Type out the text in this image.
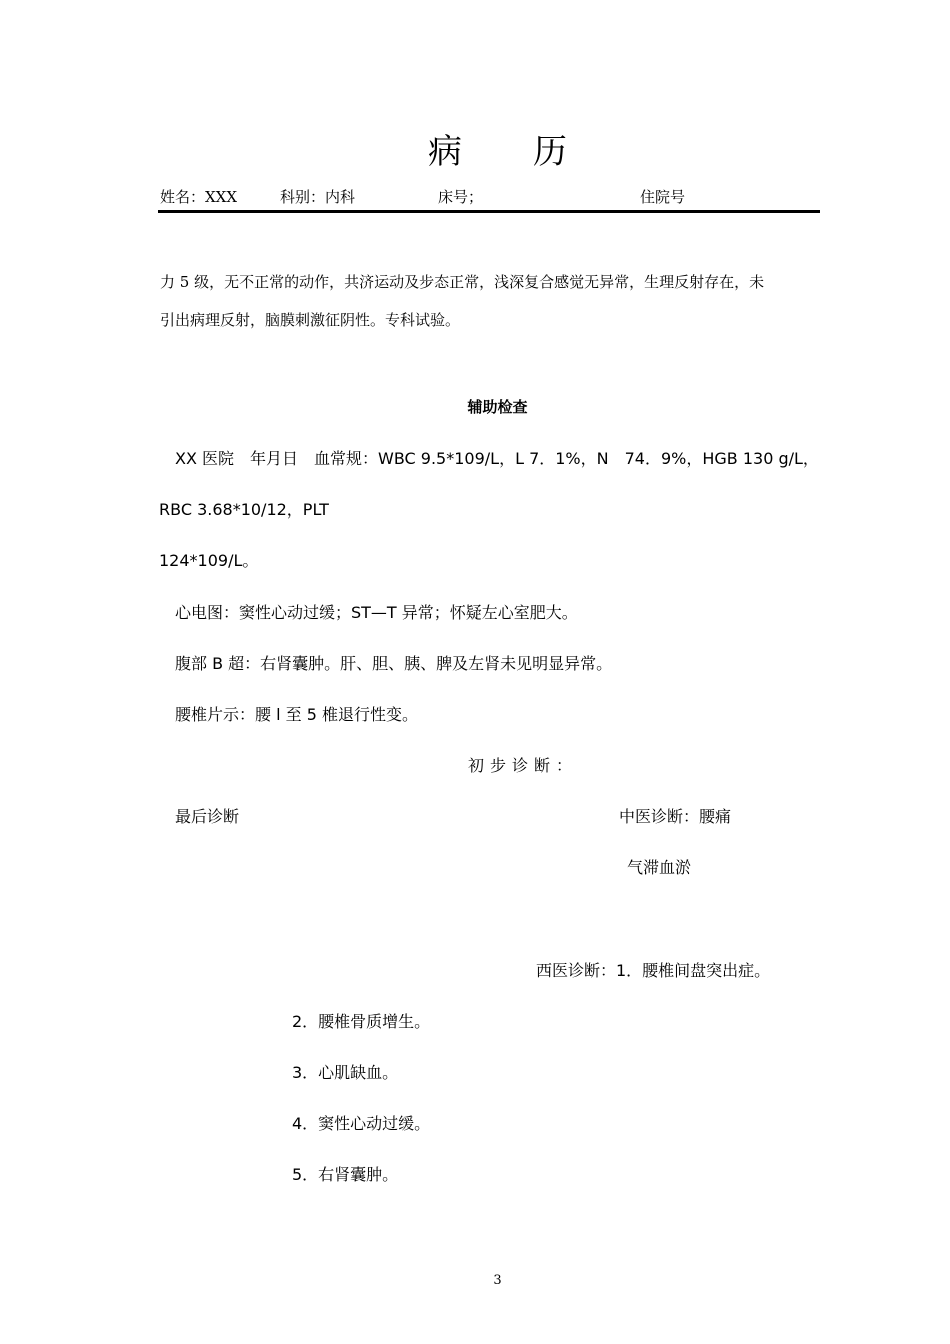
病 历
姓名：XXX	科别：内科	床号；	住院号
力 5 级，无不正常的动作，共济运动及步态正常，浅深复合感觉无异常，生理反射存在，未
引出病理反射，脑膜刺激征阴性。专科试验。
辅助检查
XX 医院　年月日　血常规：WBC 9.5*109/L，L 7．1%，N　74．9%，HGB 130 g/L，
RBC 3.68*10/12，PLT
124*109/L。
心电图：窦性心动过缓；ST—T 异常；怀疑左心室肥大。
腹部 B 超：右肾囊肿。肝、胆、胰、脾及左肾未见明显异常。
腰椎片示：腰 l 至 5 椎退行性变。
初步诊断：
最后诊断	中医诊断：腰痛
气滞血淤
西医诊断：1．腰椎间盘突出症。
2．腰椎骨质增生。
3．心肌缺血。
4．窦性心动过缓。
5．右肾囊肿。
3
